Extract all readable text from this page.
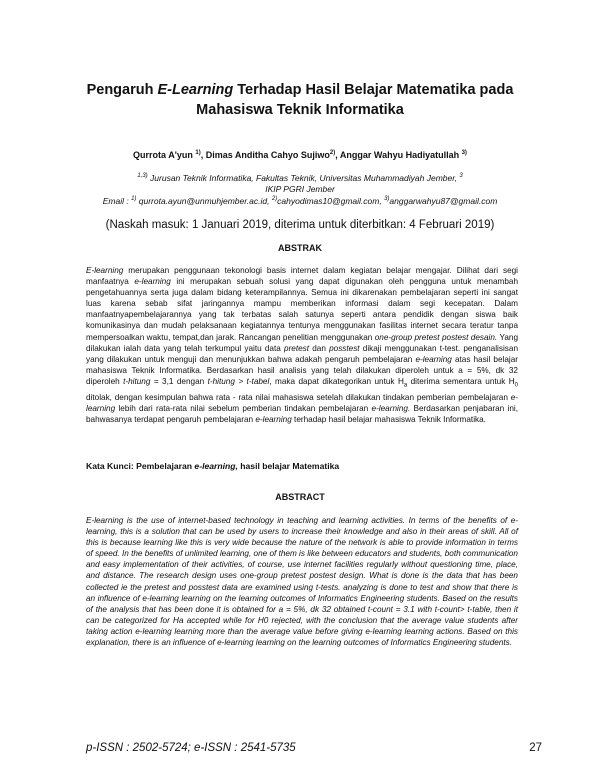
Pengaruh E-Learning Terhadap Hasil Belajar Matematika pada
Mahasiswa Teknik Informatika
Qurrota A'yun $^{1)}$, Dimas Anditha Cahyo Sujiwo$^{2)}$, Anggar Wahyu Hadiyatullah $^{3)}$
$^{1,3)}$ Jurusan Teknik Informatika, Fakultas Teknik, Universitas Muhammadiyah Jember, $^3$
IKIP PGRI Jember
Email : $^{1)}$ qurrota.ayun@unmuhjember.ac.id, $^{2)}$cahyodimas10@gmail.com, $^{3)}$anggarwahyu87@gmail.com
(Naskah masuk: 1 Januari 2019, diterima untuk diterbitkan: 4 Februari 2019)
ABSTRAK
E-learning merupakan penggunaan tekonologi basis internet dalam kegiatan belajar mengajar. Dilihat dari segi manfaatnya e-learning ini merupakan sebuah solusi yang dapat digunakan oleh pengguna untuk menambah pengetahuannya serta juga dalam bidang keterampilannya. Semua ini dikarenakan pembelajaran seperti ini sangat luas karena sebab sifat jaringannya mampu memberikan informasi dalam segi kecepatan. Dalam manfaatnyapembelajarannya yang tak terbatas salah satunya seperti antara pendidik dengan siswa baik komunikasinya dan mudah pelaksanaan kegiatannya tentunya menggunakan fasilitas internet secara teratur tanpa mempersoalkan waktu, tempat,dan jarak. Rancangan penelitian menggunakan one-group pretest postest desain. Yang dilakukan ialah data yang telah terkumpul yaitu data pretest dan posstest dikaji menggunakan t-test. penganalisisan yang dilakukan untuk menguji dan menunjukkan bahwa adakah pengaruh pembelajaran e-learning atas hasil belajar mahasiswa Teknik Informatika. Berdasarkan hasil analisis yang telah dilakukan diperoleh untuk a = 5%, dk 32 diperoleh t-hitung = 3,1 dengan t-hitung > t-tabel, maka dapat dikategorikan untuk $H_a$ diterima sementara untuk $H_0$ ditolak, dengan kesimpulan bahwa rata - rata nilai mahasiswa setelah dilakukan tindakan pemberian pembelajaran e-learning lebih dari rata-rata nilai sebelum pemberian tindakan pembelajaran e-learning. Berdasarkan penjabaran ini, bahwasanya terdapat pengaruh pembelajaran e-learning terhadap hasil belajar mahasiswa Teknik Informatika.
Kata Kunci: Pembelajaran e-learning, hasil belajar Matematika
ABSTRACT
E-learning is the use of internet-based technology in teaching and learning activities. In terms of the benefits of e-learning, this is a solution that can be used by users to increase their knowledge and also in their areas of skill. All of this is because learning like this is very wide because the nature of the network is able to provide information in terms of speed. In the benefits of unlimited learning, one of them is like between educators and students, both communication and easy implementation of their activities, of course, use internet facilities regularly without questioning time, place, and distance. The research design uses one-group pretest postest design. What is done is the data that has been collected ie the pretest and posstest data are examined using t-tests. analyzing is done to test and show that there is an influence of e-learning learning on the learning outcomes of Informatics Engineering students. Based on the results of the analysis that has been done it is obtained for a = 5%, dk 32 obtained t-count = 3.1 with t-count> t-table, then it can be categorized for Ha accepted while for H0 rejected, with the conclusion that the average value students after taking action e-learning learning more than the average value before giving e-learning learning actions. Based on this explanation, there is an influence of e-learning learning on the learning outcomes of Informatics Engineering students.
p-ISSN : 2502-5724; e-ISSN : 2541-5735	27
